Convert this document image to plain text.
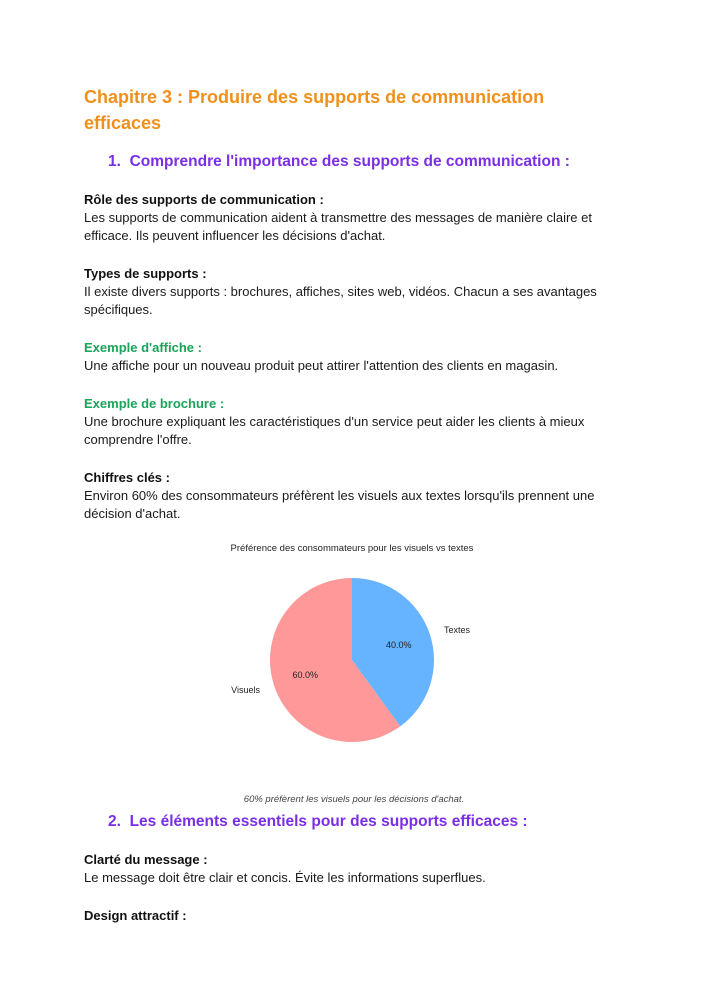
Chapitre 3 : Produire des supports de communication efficaces
1. Comprendre l'importance des supports de communication :
Rôle des supports de communication :
Les supports de communication aident à transmettre des messages de manière claire et efficace. Ils peuvent influencer les décisions d'achat.
Types de supports :
Il existe divers supports : brochures, affiches, sites web, vidéos. Chacun a ses avantages spécifiques.
Exemple d'affiche :
Une affiche pour un nouveau produit peut attirer l'attention des clients en magasin.
Exemple de brochure :
Une brochure expliquant les caractéristiques d'un service peut aider les clients à mieux comprendre l'offre.
Chiffres clés :
Environ 60% des consommateurs préfèrent les visuels aux textes lorsqu'ils prennent une décision d'achat.
Préférence des consommateurs pour les visuels vs textes
40.0%
Textes
60.0%
Visuels
60% préfèrent les visuels pour les décisions d'achat.
2. Les éléments essentiels pour des supports efficaces :
Clarté du message :
Le message doit être clair et concis. Évite les informations superflues.
Design attractif :
